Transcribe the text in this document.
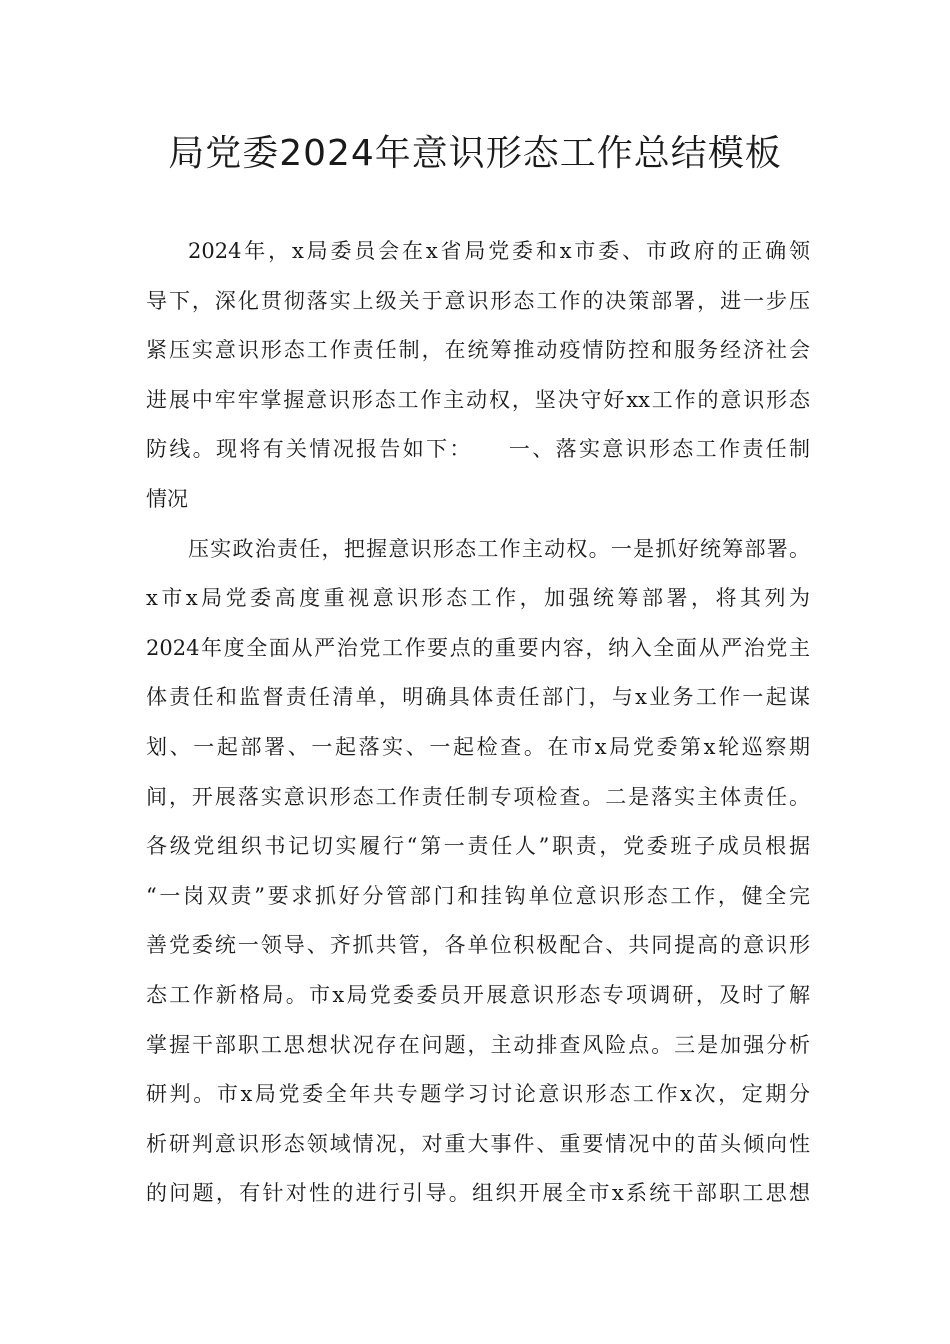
局党委2024年意识形态工作总结模板
2024年，x局委员会在x省局党委和x市委、市政府的正确领
导下，深化贯彻落实上级关于意识形态工作的决策部署，进一步压
紧压实意识形态工作责任制，在统筹推动疫情防控和服务经济社会
进展中牢牢掌握意识形态工作主动权，坚决守好xx工作的意识形态
防线。现将有关情况报告如下：　　一、落实意识形态工作责任制
情况
压实政治责任，把握意识形态工作主动权。一是抓好统筹部署。
x市x局党委高度重视意识形态工作，加强统筹部署，将其列为
2024年度全面从严治党工作要点的重要内容，纳入全面从严治党主
体责任和监督责任清单，明确具体责任部门，与x业务工作一起谋
划、一起部署、一起落实、一起检查。在市x局党委第x轮巡察期
间，开展落实意识形态工作责任制专项检查。二是落实主体责任。
各级党组织书记切实履行“第一责任人”职责，党委班子成员根据
“一岗双责”要求抓好分管部门和挂钩单位意识形态工作，健全完
善党委统一领导、齐抓共管，各单位积极配合、共同提高的意识形
态工作新格局。市x局党委委员开展意识形态专项调研，及时了解
掌握干部职工思想状况存在问题，主动排查风险点。三是加强分析
研判。市x局党委全年共专题学习讨论意识形态工作x次，定期分
析研判意识形态领域情况，对重大事件、重要情况中的苗头倾向性
的问题，有针对性的进行引导。组织开展全市x系统干部职工思想
